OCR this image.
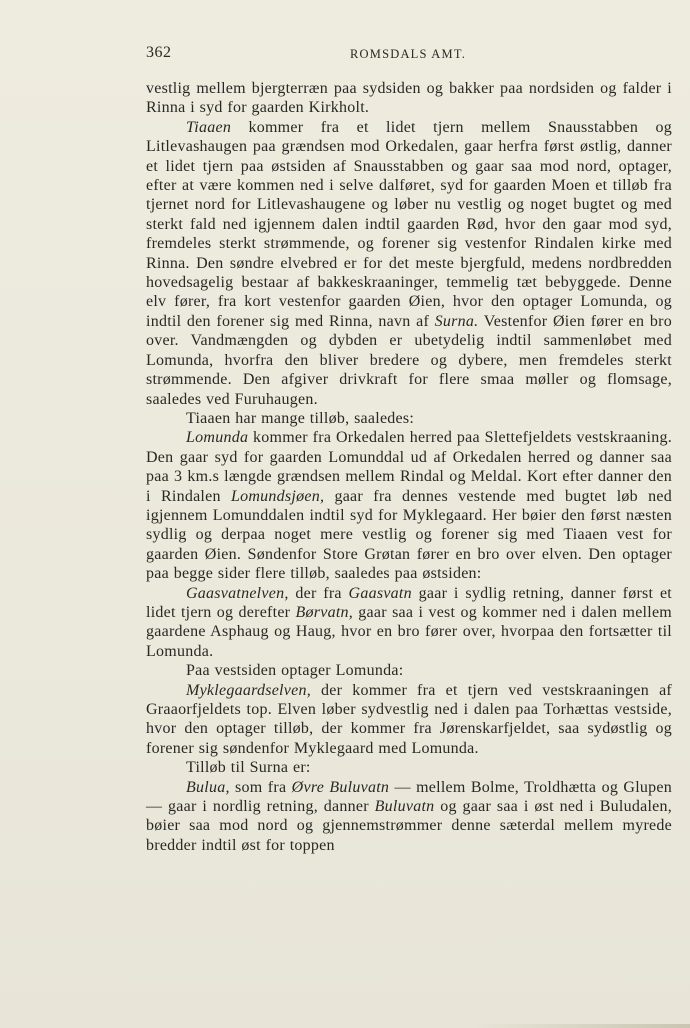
362	ROMSDALS AMT.

vestlig mellem bjergterræn paa sydsiden og bakker paa nordsiden og falder i Rinna i syd for gaarden Kirkholt.

Tiaaen kommer fra et lidet tjern mellem Snausstabben og Litlevashaugen paa grændsen mod Orkedalen, gaar herfra først østlig, danner et lidet tjern paa østsiden af Snausstabben og gaar saa mod nord, optager, efter at være kommen ned i selve dalføret, syd for gaarden Moen et tilløb fra tjernet nord for Litlevashaugene og løber nu vestlig og noget bugtet og med sterkt fald ned igjennem dalen indtil gaarden Rød, hvor den gaar mod syd, fremdeles sterkt strømmende, og forener sig vestenfor Rindalen kirke med Rinna. Den søndre elvebred er for det meste bjergfuld, medens nordbredden hovedsagelig bestaar af bakkeskraaninger, temmelig tæt bebyggede. Denne elv fører, fra kort vestenfor gaarden Øien, hvor den optager Lomunda, og indtil den forener sig med Rinna, navn af Surna. Vestenfor Øien fører en bro over. Vandmængden og dybden er ubetydelig indtil sammenløbet med Lomunda, hvorfra den bliver bredere og dybere, men fremdeles sterkt strømmende. Den afgiver drivkraft for flere smaa møller og flomsage, saaledes ved Furuhaugen.

Tiaaen har mange tilløb, saaledes:

Lomunda kommer fra Orkedalen herred paa Slettefjeldets vestskraaning. Den gaar syd for gaarden Lomunddal ud af Orkedalen herred og danner saa paa 3 km.s længde grændsen mellem Rindal og Meldal. Kort efter danner den i Rindalen Lomundsjøen, gaar fra dennes vestende med bugtet løb ned igjennem Lomunddalen indtil syd for Myklegaard. Her bøier den først næsten sydlig og derpaa noget mere vestlig og forener sig med Tiaaen vest for gaarden Øien. Søndenfor Store Grøtan fører en bro over elven. Den optager paa begge sider flere tilløb, saaledes paa østsiden:

Gaasvatnelven, der fra Gaasvatn gaar i sydlig retning, danner først et lidet tjern og derefter Børvatn, gaar saa i vest og kommer ned i dalen mellem gaardene Asphaug og Haug, hvor en bro fører over, hvorpaa den fortsætter til Lomunda.

Paa vestsiden optager Lomunda:

Myklegaardselven, der kommer fra et tjern ved vestskraaningen af Graaorfjeldets top. Elven løber sydvestlig ned i dalen paa Torhættas vestside, hvor den optager tilløb, der kommer fra Jørenskarfjeldet, saa sydøstlig og forener sig søndenfor Myklegaard med Lomunda.

Tilløb til Surna er:

Bulua, som fra Øvre Buluvatn — mellem Bolme, Troldhætta og Glupen — gaar i nordlig retning, danner Buluvatn og gaar saa i øst ned i Buludalen, bøier saa mod nord og gjennemstrømmer denne sæterdal mellem myrede bredder indtil øst for toppen
